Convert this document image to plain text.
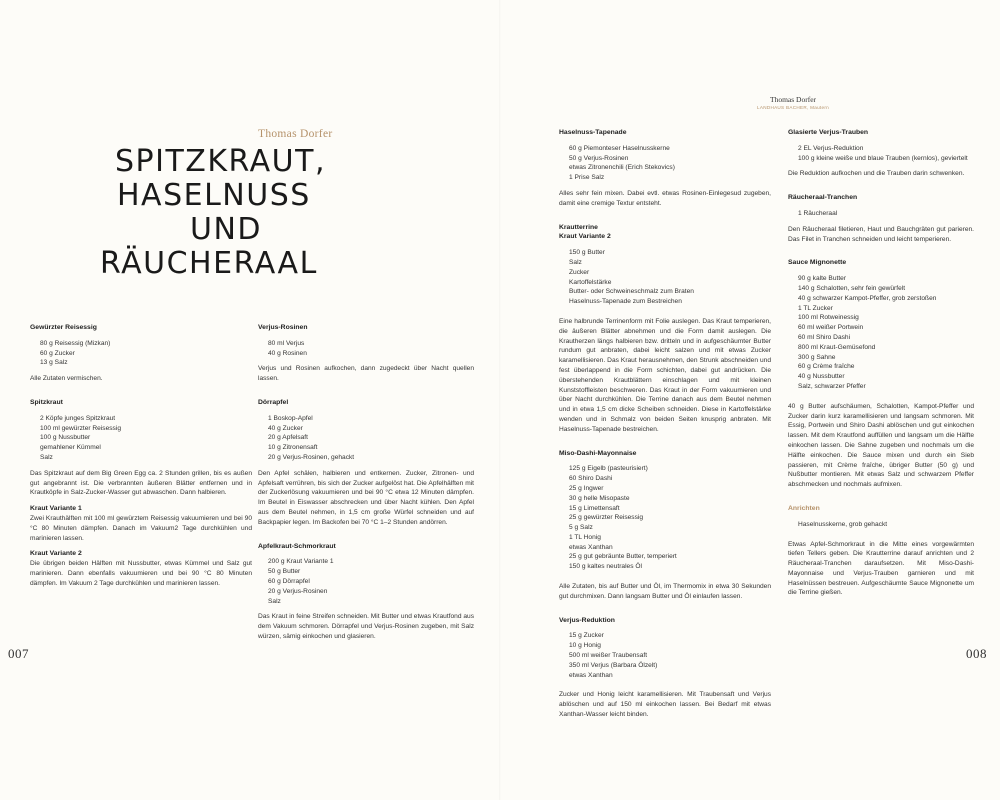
Thomas Dorfer
SPITZKRAUT,
HASELNUSS
UND
RÄUCHERAAL
Gewürzter Reisessig
80 g Reisessig (Mizkan)
60 g Zucker
13 g Salz
Alle Zutaten vermischen.
Spitzkraut
2 Köpfe junges Spitzkraut
100 ml gewürzter Reisessig
100 g Nussbutter
gemahlener Kümmel
Salz
Das Spitzkraut auf dem Big Green Egg ca. 2 Stunden grillen, bis es außen gut angebrannt ist. Die verbrannten äußeren Blätter entfernen und in Krautköpfe in Salz-Zucker-Wasser gut abwaschen. Dann halbieren.
Kraut Variante 1
Zwei Krauthälften mit 100 ml gewürztem Reisessig vakuumieren und bei 90 °C 80 Minuten dämpfen. Danach im Vakuum2 Tage durchkühlen und marinieren lassen.
Kraut Variante 2
Die übrigen beiden Hälften mit Nussbutter, etwas Kümmel und Salz gut marinieren. Dann ebenfalls vakuumieren und bei 90 °C 80 Minuten dämpfen. Im Vakuum 2 Tage durchkühlen und marinieren lassen.
Verjus-Rosinen
80 ml Verjus
40 g Rosinen
Verjus und Rosinen aufkochen, dann zugedeckt über Nacht quellen lassen.
Dörrapfel
1 Boskop-Apfel
40 g Zucker
20 g Apfelsaft
10 g Zitronensaft
20 g Verjus-Rosinen, gehackt
Den Apfel schälen, halbieren und entkernen. Zucker, Zitronen- und Apfelsaft verrühren, bis sich der Zucker aufgelöst hat. Die Apfelhälften mit der Zuckerlösung vakuumieren und bei 90 °C etwa 12 Minuten dämpfen. Im Beutel in Eiswasser abschrecken und über Nacht kühlen. Den Apfel aus dem Beutel nehmen, in 1,5 cm große Würfel schneiden und auf Backpapier legen. Im Backofen bei 70 °C 1–2 Stunden andörren.
Apfelkraut-Schmorkraut
200 g Kraut Variante 1
50 g Butter
60 g Dörrapfel
20 g Verjus-Rosinen
Salz
Das Kraut in feine Streifen schneiden. Mit Butter und etwas Krautfond aus dem Vakuum schmoren. Dörrapfel und Verjus-Rosinen zugeben, mit Salz würzen, sämig einkochen und glasieren.
007
Thomas Dorfer
LANDHAUS BACHER, Mautern
Haselnuss-Tapenade
60 g Piemonteser Haselnusskerne
50 g Verjus-Rosinen
etwas Zitronenchili (Erich Stekovics)
1 Prise Salz
Alles sehr fein mixen. Dabei evtl. etwas Rosinen-Einlegesud zugeben, damit eine cremige Textur entsteht.
Krautterrine
Kraut Variante 2
150 g Butter
Salz
Zucker
Kartoffelstärke
Butter- oder Schweineschmalz zum Braten
Haselnuss-Tapenade zum Bestreichen
Eine halbrunde Terrinenform mit Folie auslegen. Das Kraut temperieren, die äußeren Blätter abnehmen und die Form damit auslegen. Die Krautherzen längs halbieren bzw. dritteln und in aufgeschäumter Butter rundum gut anbraten, dabei leicht salzen und mit etwas Zucker karamellisieren. Das Kraut herausnehmen, den Strunk abschneiden und fest überlappend in die Form schichten, dabei gut andrücken. Die überstehenden Krautblättern einschlagen und mit kleinen Kunststoffleisten beschweren. Das Kraut in der Form vakuumieren und über Nacht durchkühlen. Die Terrine danach aus dem Beutel nehmen und in etwa 1,5 cm dicke Scheiben schneiden. Diese in Kartoffelstärke wenden und in Schmalz von beiden Seiten knusprig anbraten. Mit Haselnuss-Tapenade bestreichen.
Miso-Dashi-Mayonnaise
125 g Eigelb (pasteurisiert)
60 Shiro Dashi
25 g Ingwer
30 g helle Misopaste
15 g Limettensaft
25 g gewürzter Reisessig
5 g Salz
1 TL Honig
etwas Xanthan
25 g gut gebräunte Butter, temperiert
150 g kaltes neutrales Öl
Alle Zutaten, bis auf Butter und Öl, im Thermomix in etwa 30 Sekunden gut durchmixen. Dann langsam Butter und Öl einlaufen lassen.
Verjus-Reduktion
15 g Zucker
10 g Honig
500 ml weißer Traubensaft
350 ml Verjus (Barbara Ölzelt)
etwas Xanthan
Zucker und Honig leicht karamellisieren. Mit Traubensaft und Verjus ablöschen und auf 150 ml einkochen lassen. Bei Bedarf mit etwas Xanthan-Wasser leicht binden.
Glasierte Verjus-Trauben
2 EL Verjus-Reduktion
100 g kleine weiße und blaue Trauben (kernlos), geviertelt
Die Reduktion aufkochen und die Trauben darin schwenken.
Räucheraal-Tranchen
1 Räucheraal
Den Räucheraal filetieren, Haut und Bauchgräten gut parieren. Das Filet in Tranchen schneiden und leicht temperieren.
Sauce Mignonette
90 g kalte Butter
140 g Schalotten, sehr fein gewürfelt
40 g schwarzer Kampot-Pfeffer, grob zerstoßen
1 TL Zucker
100 ml Rotweinessig
60 ml weißer Portwein
60 ml Shiro Dashi
800 ml Kraut-Gemüsefond
300 g Sahne
60 g Crème fraîche
40 g Nussbutter
Salz, schwarzer Pfeffer
40 g Butter aufschäumen, Schalotten, Kampot-Pfeffer und Zucker darin kurz karamellisieren und langsam schmoren. Mit Essig, Portwein und Shiro Dashi ablöschen und gut einkochen lassen. Mit dem Krautfond auffüllen und langsam um die Hälfte einkochen lassen. Die Sahne zugeben und nochmals um die Hälfte einkochen. Die Sauce mixen und durch ein Sieb passieren, mit Crème fraîche, übriger Butter (50 g) und Nußbutter montieren. Mit etwas Salz und schwarzem Pfeffer abschmecken und nochmals aufmixen.
Anrichten
Haselnusskerne, grob gehackt
Etwas Apfel-Schmorkraut in die Mitte eines vorgewärmten tiefen Tellers geben. Die Krautterrine darauf anrichten und 2 Räucheraal-Tranchen daraufsetzen. Mit Miso-Dashi-Mayonnaise und Verjus-Trauben garnieren und mit Haselnüssen bestreuen. Aufgeschäumte Sauce Mignonette um die Terrine gießen.
008
